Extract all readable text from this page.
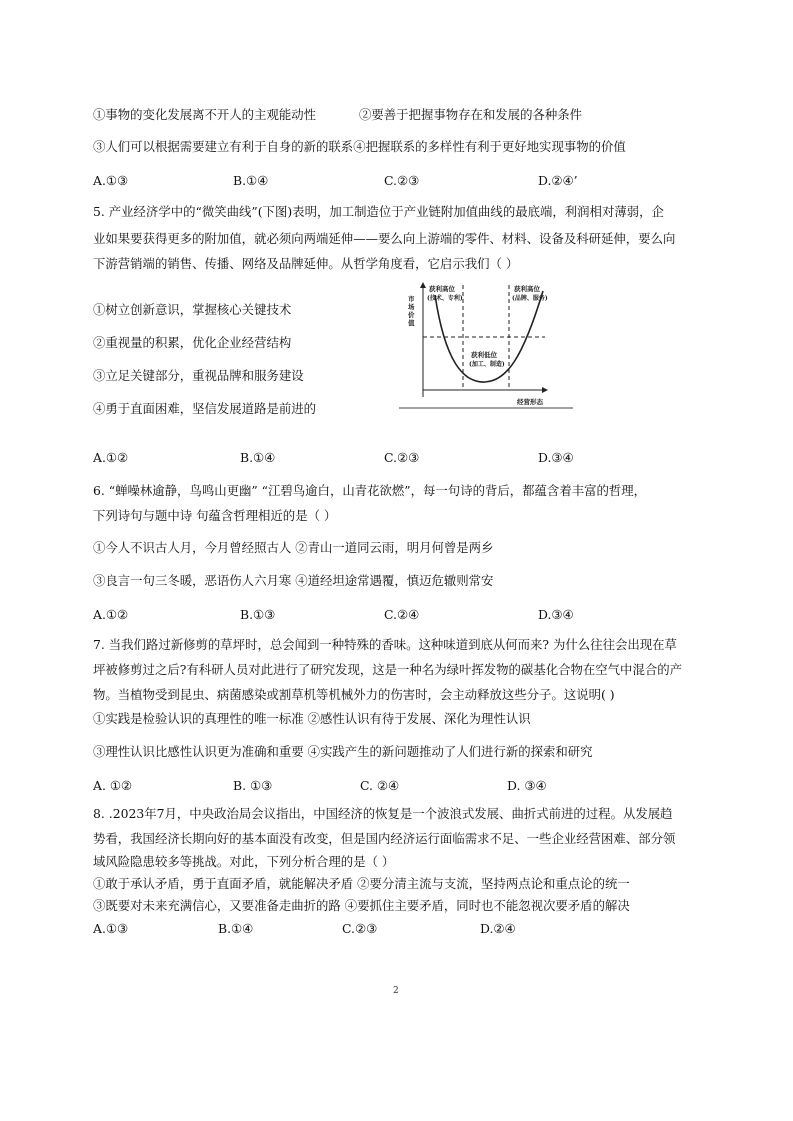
①事物的变化发展离不开人的主观能动性	②要善于把握事物存在和发展的各种条件
③人们可以根据需要建立有利于自身的新的联系④把握联系的多样性有利于更好地实现事物的价值
A.①③	B.①④	C.②③	D.②④’
5. 产业经济学中的“微笑曲线”(下图)表明，加工制造位于产业链附加值曲线的最底端，利润相对薄弱，企
业如果要获得更多的附加值，就必须向两端延伸——要么向上游端的零件、材料、设备及科研延伸，要么向
下游营销端的销售、传播、网络及品牌延伸。从哲学角度看，它启示我们（ ）
①树立创新意识，掌握核心关键技术
②重视量的积累，优化企业经营结构
③立足关键部分，重视品牌和服务建设
④勇于直面困难，坚信发展道路是前进的
市
场
价
值
获利高位
(技术、专利)
获利高位
(品牌、服务)
获利低位
(加工、制造)
经营形态
A.①②	B.①④	C.②③	D.③④
6. “蝉噪林逾静，鸟鸣山更幽” “江碧鸟逾白，山青花欲燃”，每一句诗的背后，都蕴含着丰富的哲理，
下列诗句与题中诗 句蕴含哲理相近的是（ ）
①今人不识古人月，今月曾经照古人 ②青山一道同云雨，明月何曾是两乡
③良言一句三冬暖，恶语伤人六月寒 ④道经坦途常遇覆，慎迈危辙则常安
A.①②	B.①③	C.②④	D.③④
7. 当我们路过新修剪的草坪时，总会闻到一种特殊的香味。这种味道到底从何而来? 为什么往往会出现在草
坪被修剪过之后?有科研人员对此进行了研究发现，这是一种名为绿叶挥发物的碳基化合物在空气中混合的产
物。当植物受到昆虫、病菌感染或割草机等机械外力的伤害时，会主动释放这些分子。这说明( )
①实践是检验认识的真理性的唯一标准 ②感性认识有待于发展、深化为理性认识
③理性认识比感性认识更为准确和重要 ④实践产生的新问题推动了人们进行新的探索和研究
A. ①②	B. ①③	C. ②④	D. ③④
8. .2023年7月，中央政治局会议指出，中国经济的恢复是一个波浪式发展、曲折式前进的过程。从发展趋
势看，我国经济长期向好的基本面没有改变，但是国内经济运行面临需求不足、一些企业经营困难、部分领
域风险隐患较多等挑战。对此，下列分析合理的是（ ）
①敢于承认矛盾，勇于直面矛盾，就能解决矛盾 ②要分清主流与支流，坚持两点论和重点论的统一
③既要对未来充满信心，又要准备走曲折的路 ④要抓住主要矛盾，同时也不能忽视次要矛盾的解决
A.①③	B.①④	C.②③	D.②④
2
